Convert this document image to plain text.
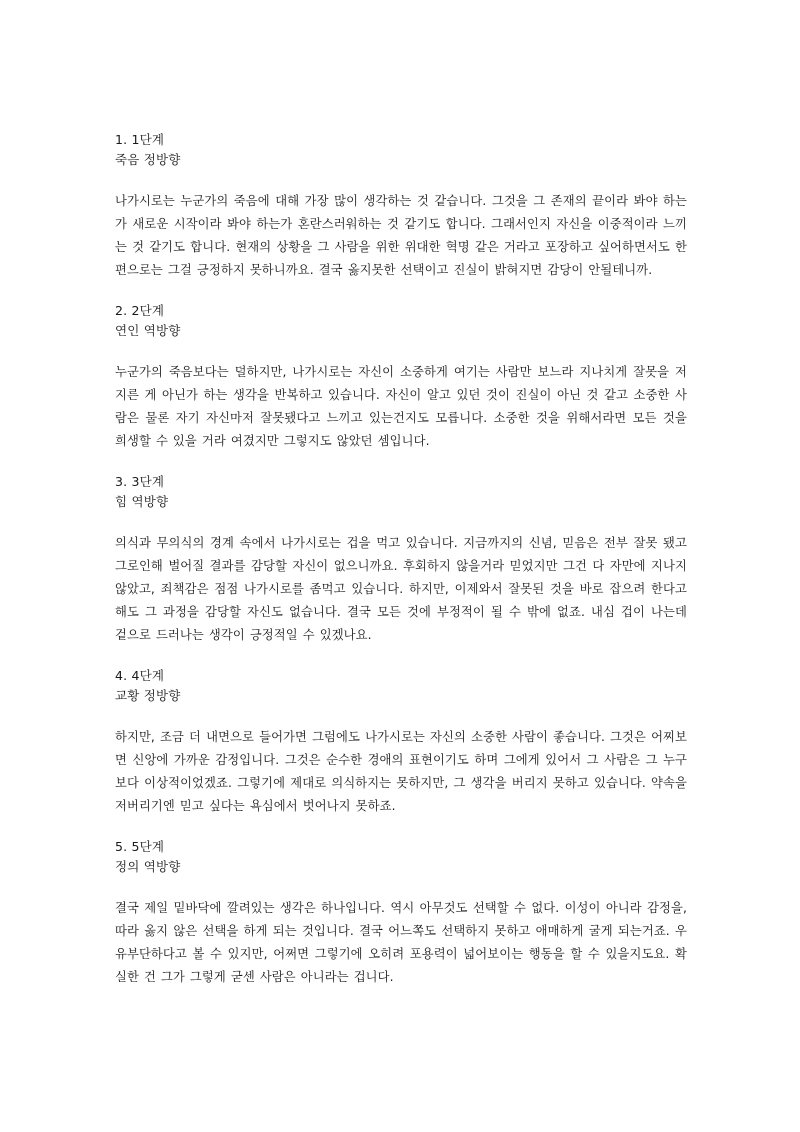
1. 1단계
죽음 정방향
나가시로는 누군가의 죽음에 대해 가장 많이 생각하는 것 같습니다. 그것을 그 존재의 끝이라 봐야 하는가 새로운 시작이라 봐야 하는가 혼란스러워하는 것 같기도 합니다. 그래서인지 자신을 이중적이라 느끼는 것 같기도 합니다. 현재의 상황을 그 사람을 위한 위대한 혁명 같은 거라고 포장하고 싶어하면서도 한편으로는 그걸 긍정하지 못하니까요. 결국 옳지못한 선택이고 진실이 밝혀지면 감당이 안될테니까.
2. 2단계
연인 역방향
누군가의 죽음보다는 덜하지만, 나가시로는 자신이 소중하게 여기는 사람만 보느라 지나치게 잘못을 저지른 게 아닌가 하는 생각을 반복하고 있습니다. 자신이 알고 있던 것이 진실이 아닌 것 같고 소중한 사람은 물론 자기 자신마저 잘못됐다고 느끼고 있는건지도 모릅니다. 소중한 것을 위해서라면 모든 것을 희생할 수 있을 거라 여겼지만 그렇지도 않았던 셈입니다.
3. 3단계
힘 역방향
의식과 무의식의 경계 속에서 나가시로는 겁을 먹고 있습니다. 지금까지의 신념, 믿음은 전부 잘못 됐고 그로인해 벌어질 결과를 감당할 자신이 없으니까요. 후회하지 않을거라 믿었지만 그건 다 자만에 지나지 않았고, 죄책감은 점점 나가시로를 좀먹고 있습니다. 하지만, 이제와서 잘못된 것을 바로 잡으려 한다고 해도 그 과정을 감당할 자신도 없습니다. 결국 모든 것에 부정적이 될 수 밖에 없죠. 내심 겁이 나는데 겉으로 드러나는 생각이 긍정적일 수 있겠나요.
4. 4단계
교황 정방향
하지만, 조금 더 내면으로 들어가면 그럼에도 나가시로는 자신의 소중한 사람이 좋습니다. 그것은 어찌보면 신앙에 가까운 감정입니다. 그것은 순수한 경애의 표현이기도 하며 그에게 있어서 그 사람은 그 누구보다 이상적이었겠죠. 그렇기에 제대로 의식하지는 못하지만, 그 생각을 버리지 못하고 있습니다. 약속을 저버리기엔 믿고 싶다는 욕심에서 벗어나지 못하죠.
5. 5단계
정의 역방향
결국 제일 밑바닥에 깔려있는 생각은 하나입니다. 역시 아무것도 선택할 수 없다. 이성이 아니라 감정을, 따라 옳지 않은 선택을 하게 되는 것입니다. 결국 어느쪽도 선택하지 못하고 애매하게 굴게 되는거죠. 우유부단하다고 볼 수 있지만, 어쩌면 그렇기에 오히려 포용력이 넓어보이는 행동을 할 수 있을지도요. 확실한 건 그가 그렇게 굳센 사람은 아니라는 겁니다.
